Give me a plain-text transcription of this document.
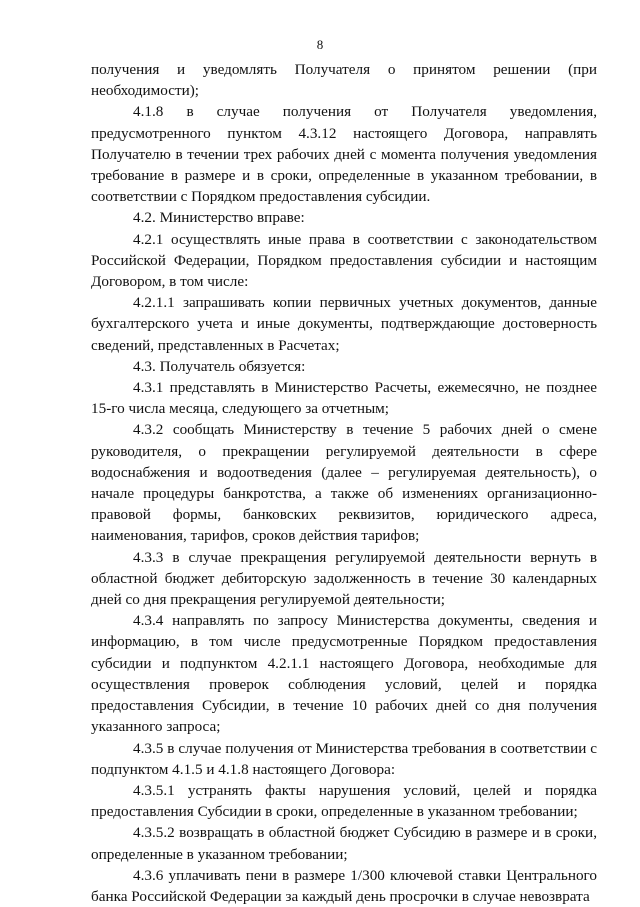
8

получения и уведомлять Получателя о принятом решении (при необходимости);

4.1.8 в случае получения от Получателя уведомления, предусмотренного пунктом 4.3.12 настоящего Договора, направлять Получателю в течении трех рабочих дней с момента получения уведомления требование в размере и в сроки, определенные в указанном требовании, в соответствии с Порядком предоставления субсидии.

4.2. Министерство вправе:

4.2.1 осуществлять иные права в соответствии с законодательством Российской Федерации, Порядком предоставления субсидии и настоящим Договором, в том числе:

4.2.1.1 запрашивать копии первичных учетных документов, данные бухгалтерского учета и иные документы, подтверждающие достоверность сведений, представленных в Расчетах;

4.3. Получатель обязуется:

4.3.1 представлять в Министерство Расчеты, ежемесячно, не позднее 15-го числа месяца, следующего за отчетным;

4.3.2 сообщать Министерству в течение 5 рабочих дней о смене руководителя, о прекращении регулируемой деятельности в сфере водоснабжения и водоотведения (далее – регулируемая деятельность), о начале процедуры банкротства, а также об изменениях организационно-правовой формы, банковских реквизитов, юридического адреса, наименования, тарифов, сроков действия тарифов;

4.3.3 в случае прекращения регулируемой деятельности вернуть в областной бюджет дебиторскую задолженность в течение 30 календарных дней со дня прекращения регулируемой деятельности;

4.3.4 направлять по запросу Министерства документы, сведения и информацию, в том числе предусмотренные Порядком предоставления субсидии и подпунктом 4.2.1.1 настоящего Договора, необходимые для осуществления проверок соблюдения условий, целей и порядка предоставления Субсидии, в течение 10 рабочих дней со дня получения указанного запроса;

4.3.5 в случае получения от Министерства требования в соответствии с подпунктом 4.1.5 и 4.1.8 настоящего Договора:

4.3.5.1 устранять факты нарушения условий, целей и порядка предоставления Субсидии в сроки, определенные в указанном требовании;

4.3.5.2 возвращать в областной бюджет Субсидию в размере и в сроки, определенные в указанном требовании;

4.3.6 уплачивать пени в размере 1/300 ключевой ставки Центрального банка Российской Федерации за каждый день просрочки в случае невозврата
